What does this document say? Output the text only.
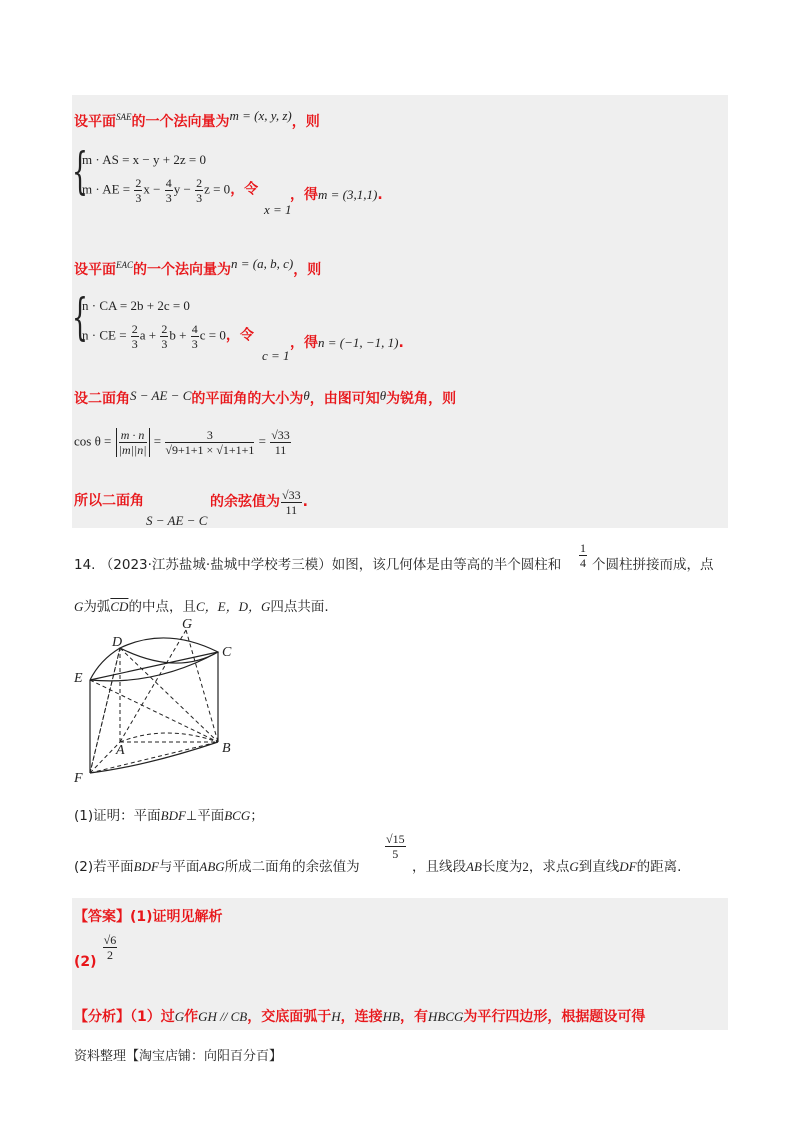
设平面$^{SAE}$的一个法向量为$^{m = (x, y, z)}$，则
{
m · AS = x − y + 2z = 0
m · AE = $\frac{2}{3}$ $x - \frac{4}{3}$ $y - \frac{2}{3}$ z = 0，令
x = 1
，得m = (3,1,1).
设平面$^{EAC}$的一个法向量为$^{n = (a, b, c)}$，则
{
n · CA = 2b + 2c = 0
n · CE = $\frac{2}{3}$ $a + \frac{2}{3}$ $b + \frac{4}{3}$ c = 0，令
c = 1
，得n = (−1, −1, 1).
设二面角S − AE − C的平面角的大小为θ，由图可知θ为锐角，则
$\cos \theta = \frac{m \cdot n}{|m||n|} = \frac{3}{√9+1+1 \times √1+1+1} = \frac{√33}{11}$
所以二面角
S − AE − C
的余弦值为 $\frac{√33}{11}$ .
14. （2023·江苏盐城·盐城中学校考三模）如图，该几何体是由等高的半个圆柱和 $\frac{1}{4}$ 个圆柱拼接而成，点
G为弧$\overline{CD}$的中点，且C，E，D，G四点共面.
D
G
C
E
A	B
F
(1)证明：平面BDF⊥平面BCG；
(2)若平面BDF与平面ABG所成二面角的余弦值为
$\frac{√15}{5}$
，且线段AB长度为2，求点G到直线DF的距离.
【答案】(1)证明见解析
$(2) \frac{√6}{2}$
【分析】（1）过G作GH // CB，交底面弧于H，连接HB，有HBCG为平行四边形，根据题设可得
资料整理【淘宝店铺：向阳百分百】
